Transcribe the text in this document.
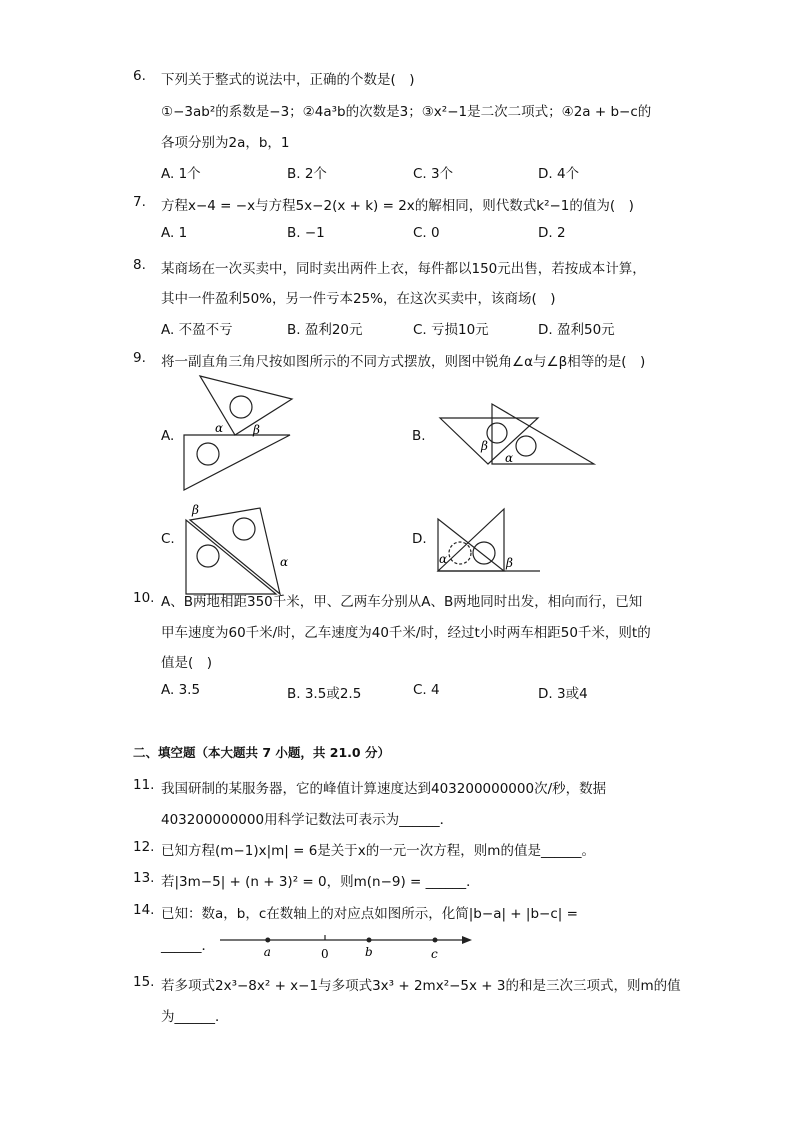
6. 下列关于整式的说法中，正确的个数是(　)
①−3ab²的系数是−3；②4a³b的次数是3；③x²−1是二次二项式；④2a + b−c的
各项分别为2a，b，1
A. 1个	B. 2个	C. 3个	D. 4个
7. 方程x−4 = −x与方程5x−2(x + k) = 2x的解相同，则代数式k²−1的值为(　)
A. 1	B. −1	C. 0	D. 2
8. 某商场在一次买卖中，同时卖出两件上衣，每件都以150元出售，若按成本计算，
其中一件盈利50%，另一件亏本25%，在这次买卖中，该商场(　)
A. 不盈不亏	B. 盈利20元	C. 亏损10元	D. 盈利50元
9. 将一副直角三角尺按如图所示的不同方式摆放，则图中锐角∠α与∠β相等的是(　)
A.	α β	B.
β
α
C.
β
α
D.
α	β
10. A、B两地相距350千米，甲、乙两车分别从A、B两地同时出发，相向而行，已知
甲车速度为60千米/时，乙车速度为40千米/时，经过t小时两车相距50千米，则t的
值是(　)
A. 3.5	B. 3.5或2.5	C. 4	D. 3或4
二、填空题（本大题共 7 小题，共 21.0 分）
11. 我国研制的某服务器，它的峰值计算速度达到403200000000次/秒，数据
403200000000用科学记数法可表示为______．
12. 已知方程(m−1)x|m| = 6是关于x的一元一次方程，则m的值是______。
13. 若|3m−5| + (n + 3)² = 0，则m(n−9) = ______．
14. 已知：数a，b，c在数轴上的对应点如图所示，化简|b−a| + |b−c| =
______．	a	0	b	c
15. 若多项式2x³−8x² + x−1与多项式3x³ + 2mx²−5x + 3的和是三次三项式，则m的值
为______．
